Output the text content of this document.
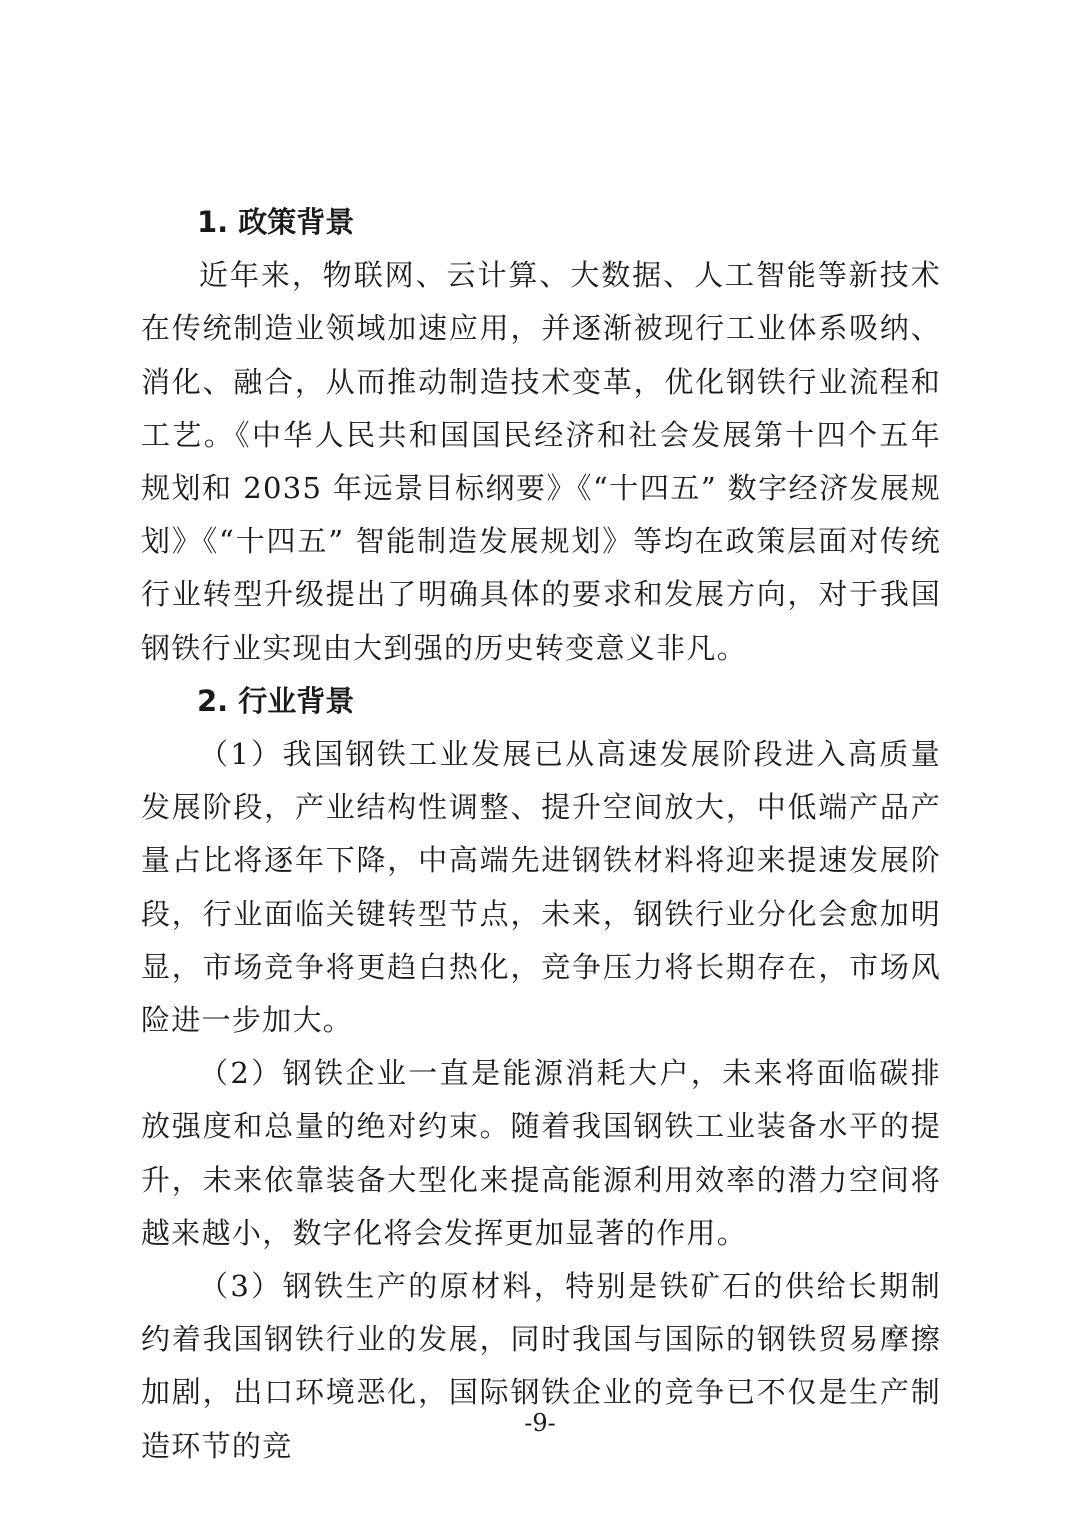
1. 政策背景

近年来，物联网、云计算、大数据、人工智能等新技术在传统制造业领域加速应用，并逐渐被现行工业体系吸纳、消化、融合，从而推动制造技术变革，优化钢铁行业流程和工艺。《中华人民共和国国民经济和社会发展第十四个五年规划和 2035 年远景目标纲要》《“十四五” 数字经济发展规划》《“十四五” 智能制造发展规划》等均在政策层面对传统行业转型升级提出了明确具体的要求和发展方向，对于我国钢铁行业实现由大到强的历史转变意义非凡。

2. 行业背景

（1）我国钢铁工业发展已从高速发展阶段进入高质量发展阶段，产业结构性调整、提升空间放大，中低端产品产量占比将逐年下降，中高端先进钢铁材料将迎来提速发展阶段，行业面临关键转型节点，未来，钢铁行业分化会愈加明显，市场竞争将更趋白热化，竞争压力将长期存在，市场风险进一步加大。

（2）钢铁企业一直是能源消耗大户，未来将面临碳排放强度和总量的绝对约束。随着我国钢铁工业装备水平的提升，未来依靠装备大型化来提高能源利用效率的潜力空间将越来越小，数字化将会发挥更加显著的作用。

（3）钢铁生产的原材料，特别是铁矿石的供给长期制约着我国钢铁行业的发展，同时我国与国际的钢铁贸易摩擦加剧，出口环境恶化，国际钢铁企业的竞争已不仅是生产制造环节的竞

-9-
